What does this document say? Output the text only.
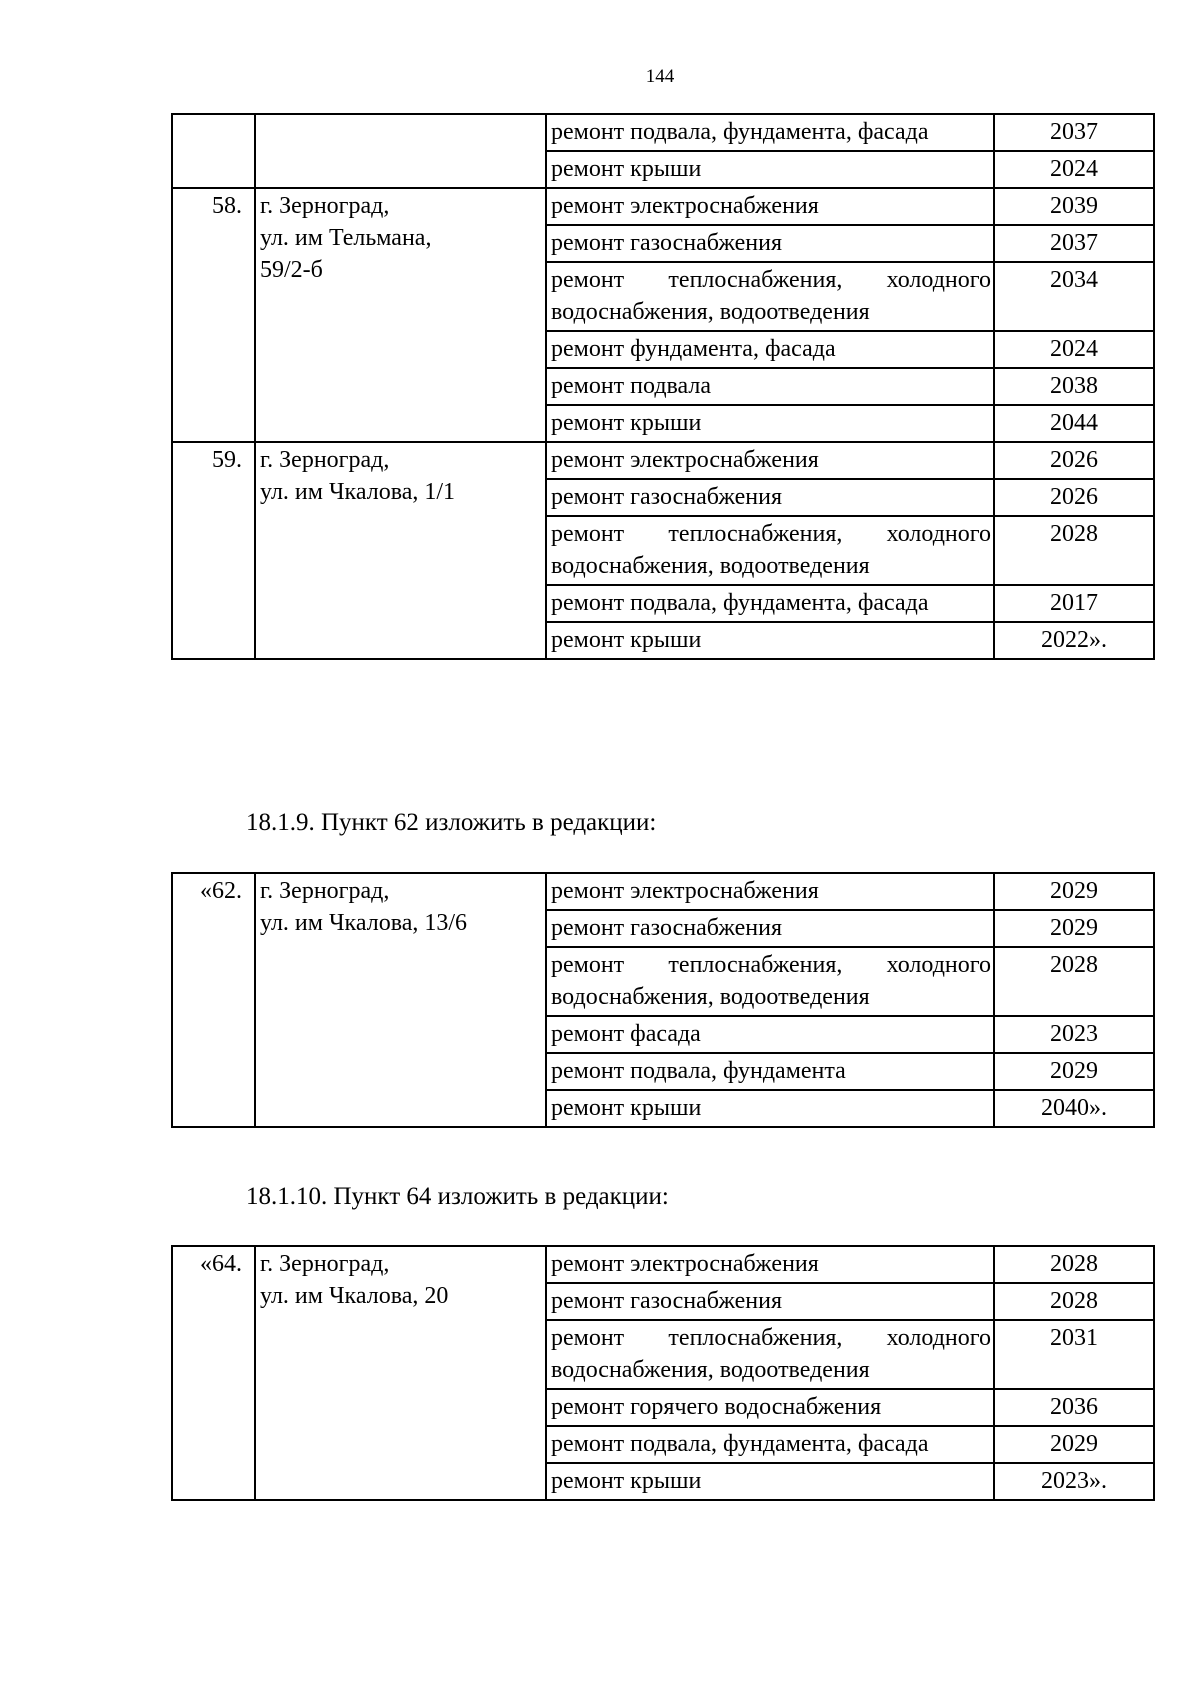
144

		ремонт подвала, фундамента, фасада	2037

		ремонт крыши	2024
58.	г. Зерноград,
ул. им Тельмана,
59/2-б	ремонт электроснабжения	2039

		ремонт газоснабжения	2037

		ремонт теплоснабжения, холодного водоснабжения, водоотведения	2034

		ремонт фундамента, фасада	2024

		ремонт подвала	2038

		ремонт крыши	2044
59.	г. Зерноград,
ул. им Чкалова, 1/1	ремонт электроснабжения	2026

		ремонт газоснабжения	2026

		ремонт теплоснабжения, холодного водоснабжения, водоотведения	2028

		ремонт подвала, фундамента, фасада	2017

		ремонт крыши	2022».
18.1.9. Пункт 62 изложить в редакции:
«62.	г. Зерноград,
ул. им Чкалова, 13/6	ремонт электроснабжения	2029

		ремонт газоснабжения	2029

		ремонт теплоснабжения, холодного водоснабжения, водоотведения	2028

		ремонт фасада	2023

		ремонт подвала, фундамента	2029

		ремонт крыши	2040».
18.1.10. Пункт 64 изложить в редакции:
«64.	г. Зерноград,
ул. им Чкалова, 20	ремонт электроснабжения	2028

		ремонт газоснабжения	2028

		ремонт теплоснабжения, холодного водоснабжения, водоотведения	2031

		ремонт горячего водоснабжения	2036

		ремонт подвала, фундамента, фасада	2029

		ремонт крыши	2023».
